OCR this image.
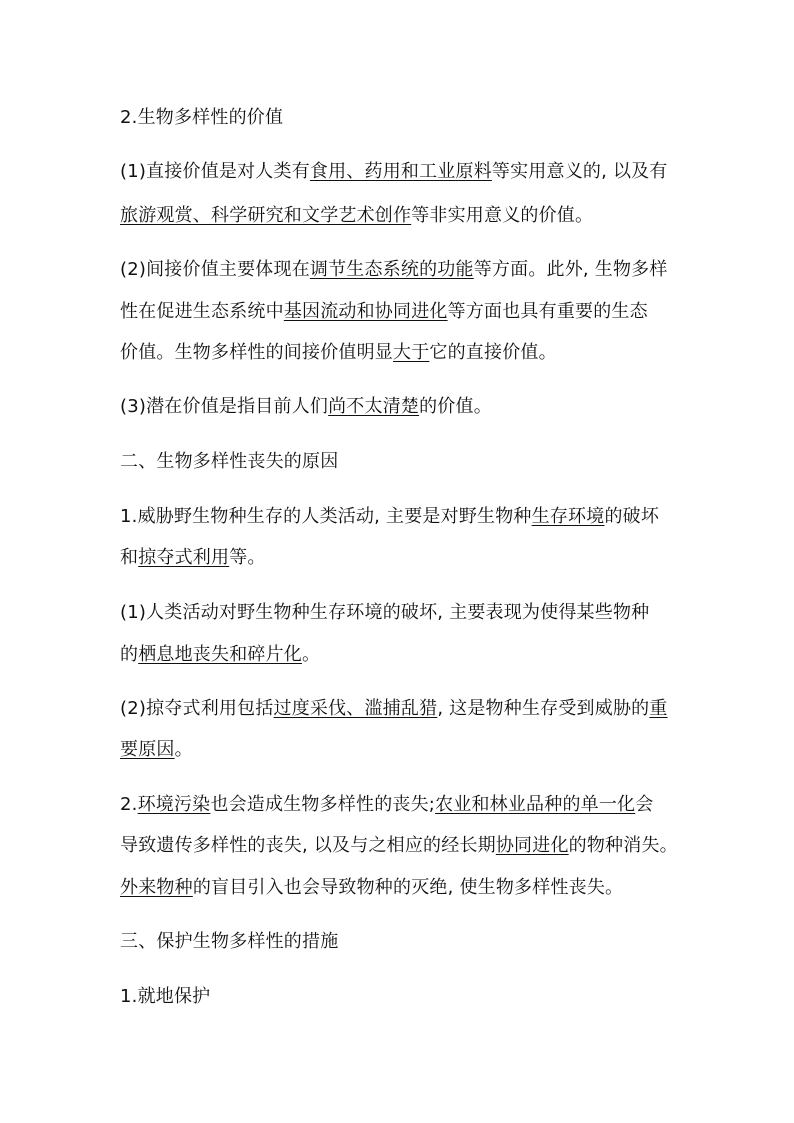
2.生物多样性的价值
(1)直接价值是对人类有食用、药用和工业原料等实用意义的, 以及有
旅游观赏、科学研究和文学艺术创作等非实用意义的价值。
(2)间接价值主要体现在调节生态系统的功能等方面。此外, 生物多样
性在促进生态系统中基因流动和协同进化等方面也具有重要的生态
价值。生物多样性的间接价值明显大于它的直接价值。
(3)潜在价值是指目前人们尚不太清楚的价值。
二、生物多样性丧失的原因
1.威胁野生物种生存的人类活动, 主要是对野生物种生存环境的破坏
和掠夺式利用等。
(1)人类活动对野生物种生存环境的破坏, 主要表现为使得某些物种
的栖息地丧失和碎片化。
(2)掠夺式利用包括过度采伐、滥捕乱猎, 这是物种生存受到威胁的重
要原因。
2.环境污染也会造成生物多样性的丧失;农业和林业品种的单一化会
导致遗传多样性的丧失, 以及与之相应的经长期协同进化的物种消失。
外来物种的盲目引入也会导致物种的灭绝, 使生物多样性丧失。
三、保护生物多样性的措施
1.就地保护
